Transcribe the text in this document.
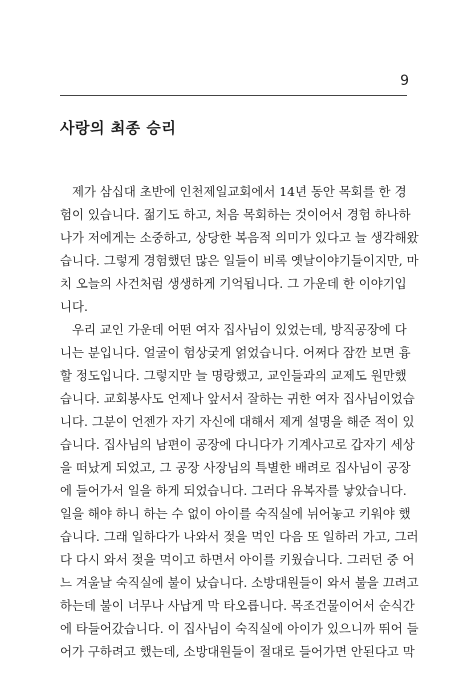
9
사랑의 최종 승리
제가 삼십대 초반에 인천제일교회에서 14년 동안 목회를 한 경
험이 있습니다. 젊기도 하고, 처음 목회하는 것이어서 경험 하나하
나가 저에게는 소중하고, 상당한 복음적 의미가 있다고 늘 생각해왔
습니다. 그렇게 경험했던 많은 일들이 비록 옛날이야기들이지만, 마
치 오늘의 사건처럼 생생하게 기억됩니다. 그 가운데 한 이야기입
니다.
우리 교인 가운데 어떤 여자 집사님이 있었는데, 방직공장에 다
니는 분입니다. 얼굴이 험상궂게 얽었습니다. 어쩌다 잠깐 보면 흉
할 정도입니다. 그렇지만 늘 명랑했고, 교인들과의 교제도 원만했
습니다. 교회봉사도 언제나 앞서서 잘하는 귀한 여자 집사님이었습
니다. 그분이 언젠가 자기 자신에 대해서 제게 설명을 해준 적이 있
습니다. 집사님의 남편이 공장에 다니다가 기계사고로 갑자기 세상
을 떠났게 되었고, 그 공장 사장님의 특별한 배려로 집사님이 공장
에 들어가서 일을 하게 되었습니다. 그러다 유복자를 낳았습니다.
일을 해야 하니 하는 수 없이 아이를 숙직실에 뉘어놓고 키워야 했
습니다. 그래 일하다가 나와서 젖을 먹인 다음 또 일하러 가고, 그러
다 다시 와서 젖을 먹이고 하면서 아이를 키웠습니다. 그러던 중 어
느 겨울날 숙직실에 불이 났습니다. 소방대원들이 와서 불을 끄려고
하는데 불이 너무나 사납게 막 타오릅니다. 목조건물이어서 순식간
에 타들어갔습니다. 이 집사님이 숙직실에 아이가 있으니까 뛰어 들
어가 구하려고 했는데, 소방대원들이 절대로 들어가면 안된다고 막
